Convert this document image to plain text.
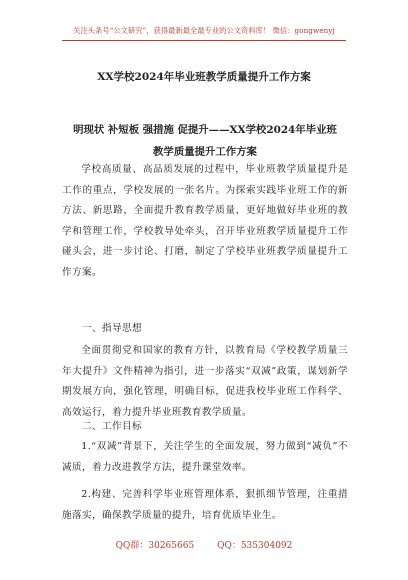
关注头条号“公文研究”，获得最新最全最专业的公文资料库！ 微信：gongwenyj
XX学校2024年毕业班教学质量提升工作方案
明现状 补短板 强措施 促提升——XX学校2024年毕业班
教学质量提升工作方案

学校高质量、高品质发展的过程中，毕业班教学质量提升是工作的重点，学校发展的一张名片。为探索实践毕业班工作的新方法、新思路，全面提升教育教学质量，更好地做好毕业班的教学和管理工作，学校教导处牵头，召开毕业班教学质量提升工作碰头会，进一步讨论、打磨，制定了学校毕业班教学质量提升工作方案。

一、指导思想

全面贯彻党和国家的教育方针，以教育局《学校教学质量三年大提升》文件精神为指引，进一步落实“双减”政策，谋划新学期发展方向，强化管理，明确目标，促进我校毕业班工作科学、高效运行，着力提升毕业班教育教学质量。

二、工作目标

1.“双减”背景下，关注学生的全面发展，努力做到“减负”不减质，着力改进教学方法，提升课堂效率。

2.构建、完善科学毕业班管理体系，狠抓细节管理，注重措施落实，确保教学质量的提升，培育优质毕业生。

QQ群：30265665	QQ：535304092
